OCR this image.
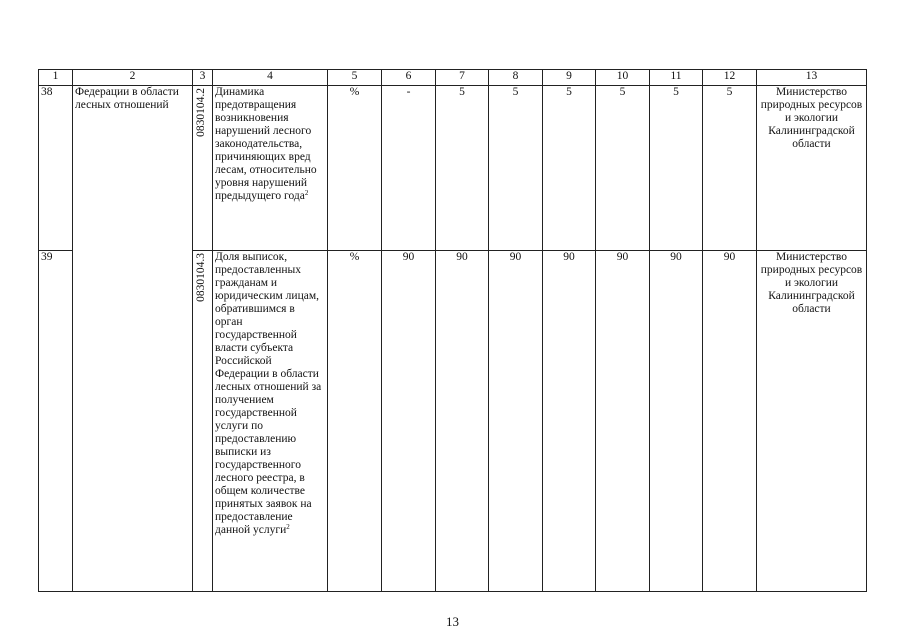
1	2	3	4	5	6	7	8	9	10	11	12	13
38	Федерации в области лесных отношений	0830104.2	Динамика предотвращения возникновения нарушений лесного законодательства, причиняющих вред лесам, относительно уровня нарушений предыдущего года$^2$	%	-	5	5	5	5	5	5	Министерство природных ресурсов и экологии Калининградской области
39		0830104.3	Доля выписок, предоставленных гражданам и юридическим лицам, обратившимся в орган государственной власти субъекта Российской Федерации в области лесных отношений за получением государственной услуги по предоставлению выписки из государственного лесного реестра, в общем количестве принятых заявок на предоставление данной услуги$^2$	%	90	90	90	90	90	90	90	Министерство природных ресурсов и экологии Калининградской области
13
